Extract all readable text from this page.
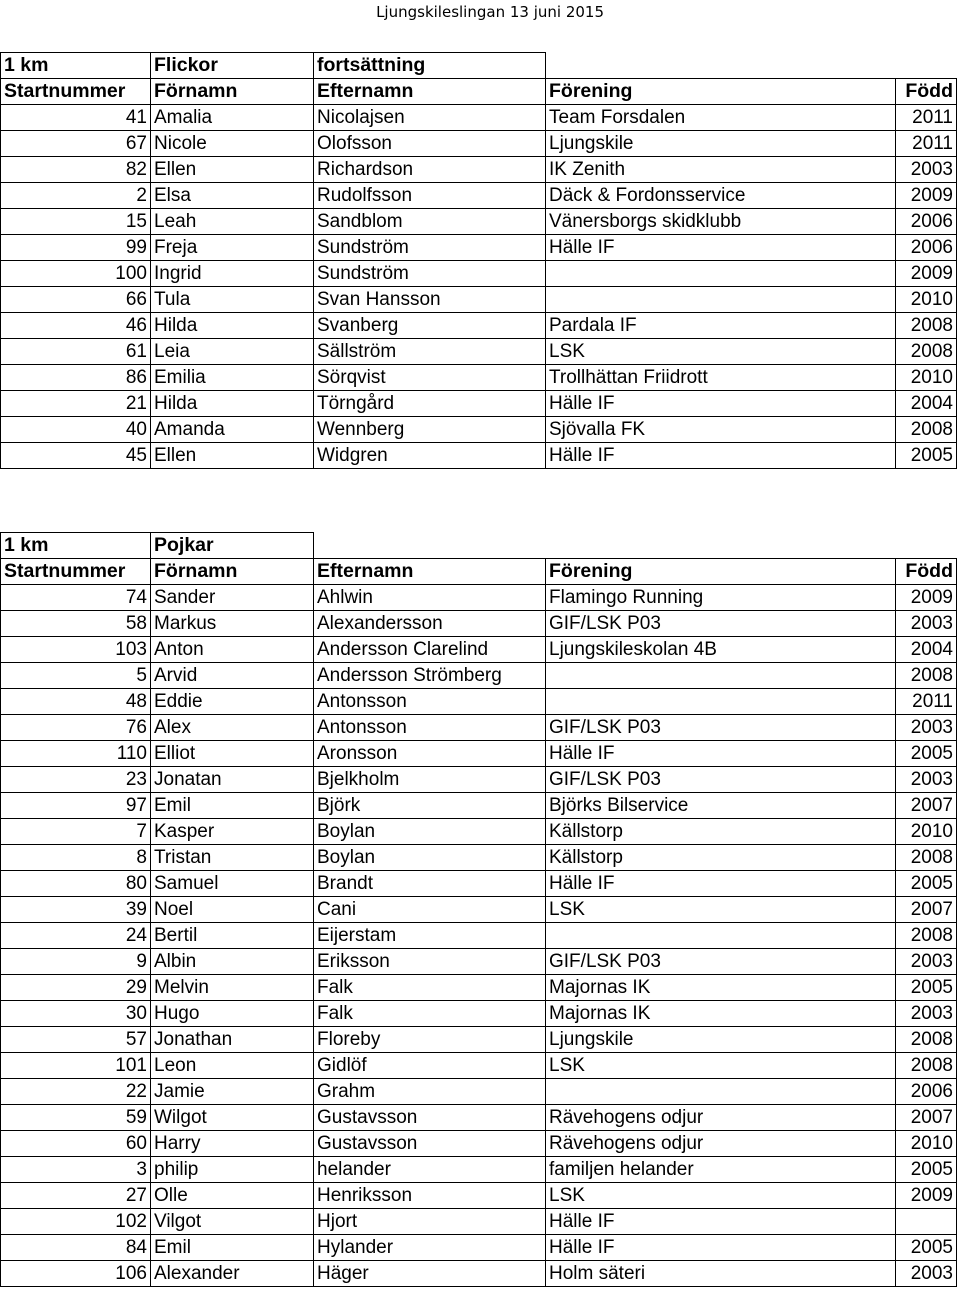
Ljungskileslingan 13 juni 2015
1 km	Flickor	fortsättning		
Startnummer	Förnamn	Efternamn	Förening	Född
41	Amalia	Nicolajsen	Team Forsdalen	2011
67	Nicole	Olofsson	Ljungskile	2011
82	Ellen	Richardson	IK Zenith	2003
2	Elsa	Rudolfsson	Däck & Fordonsservice	2009
15	Leah	Sandblom	Vänersborgs skidklubb	2006
99	Freja	Sundström	Hälle IF	2006
100	Ingrid	Sundström		2009
66	Tula	Svan Hansson		2010
46	Hilda	Svanberg	Pardala IF	2008
61	Leia	Sällström	LSK	2008
86	Emilia	Sörqvist	Trollhättan Friidrott	2010
21	Hilda	Törngård	Hälle IF	2004
40	Amanda	Wennberg	Sjövalla FK	2008
45	Ellen	Widgren	Hälle IF	2005
1 km	Pojkar			
Startnummer	Förnamn	Efternamn	Förening	Född
74	Sander	Ahlwin	Flamingo Running	2009
58	Markus	Alexandersson	GIF/LSK P03	2003
103	Anton	Andersson Clarelind	Ljungskileskolan 4B	2004
5	Arvid	Andersson Strömberg		2008
48	Eddie	Antonsson		2011
76	Alex	Antonsson	GIF/LSK P03	2003
110	Elliot	Aronsson	Hälle IF	2005
23	Jonatan	Bjelkholm	GIF/LSK P03	2003
97	Emil	Björk	Björks Bilservice	2007
7	Kasper	Boylan	Källstorp	2010
8	Tristan	Boylan	Källstorp	2008
80	Samuel	Brandt	Hälle IF	2005
39	Noel	Cani	LSK	2007
24	Bertil	Eijerstam		2008
9	Albin	Eriksson	GIF/LSK P03	2003
29	Melvin	Falk	Majornas IK	2005
30	Hugo	Falk	Majornas IK	2003
57	Jonathan	Floreby	Ljungskile	2008
101	Leon	Gidlöf	LSK	2008
22	Jamie	Grahm		2006
59	Wilgot	Gustavsson	Rävehogens odjur	2007
60	Harry	Gustavsson	Rävehogens odjur	2010
3	philip	helander	familjen helander	2005
27	Olle	Henriksson	LSK	2009
102	Vilgot	Hjort	Hälle IF	
84	Emil	Hylander	Hälle IF	2005
106	Alexander	Häger	Holm säteri	2003
